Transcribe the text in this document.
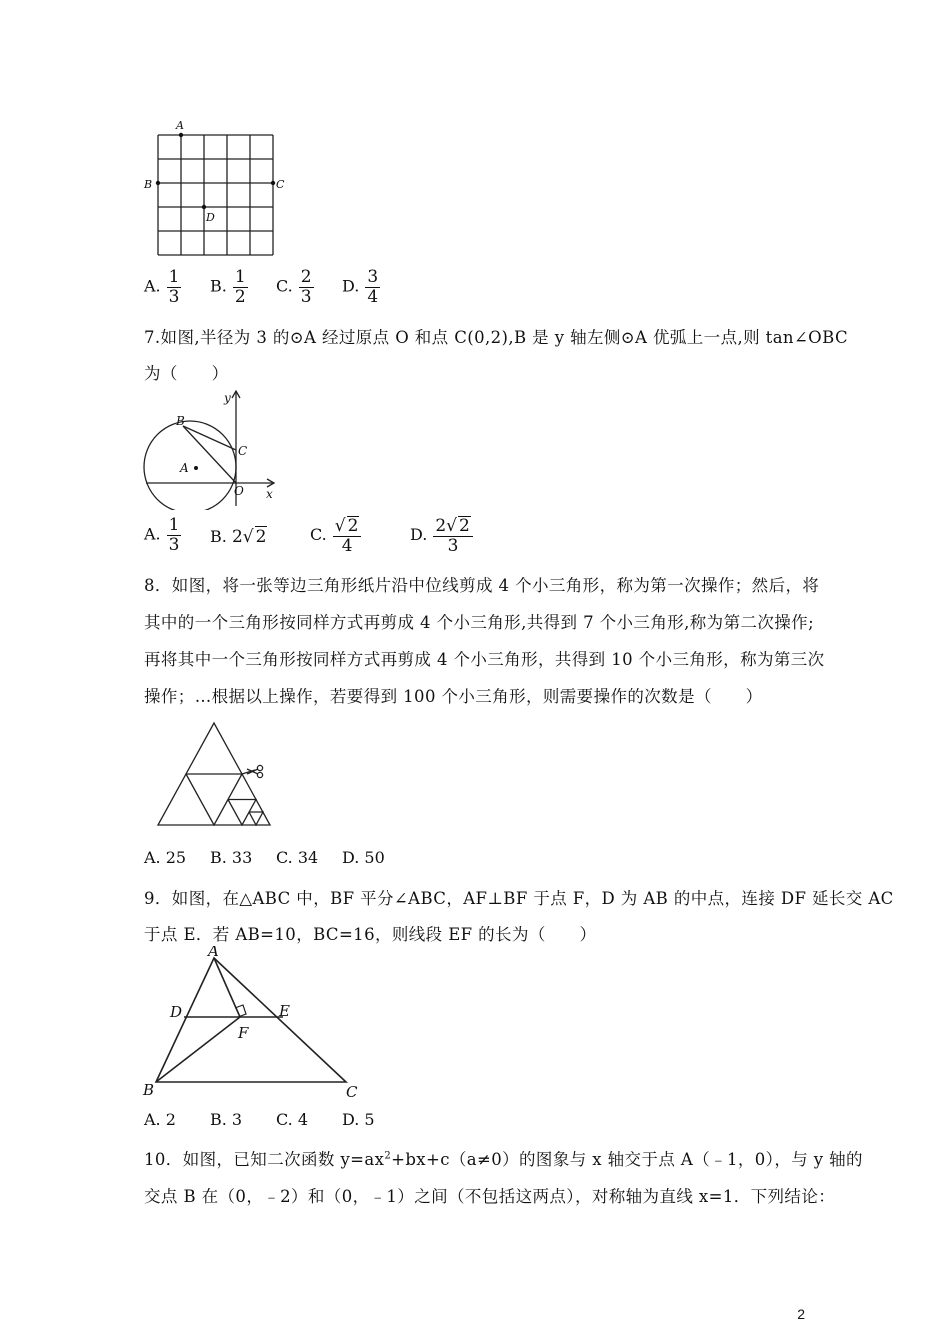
A
B	C
D
A. $\frac{1}{3} B$. $\frac{1}{2} C$. $\frac{2}{3} D$. $\frac{3}{4}$
7.如图,半径为 3 的⊙A 经过原点 O 和点 C(0,2),B 是 y 轴左侧⊙A 优弧上一点,则 tan∠OBC
为（　　）
y
x
B
C
A
O
A. $\frac{1}{3} B$. 2√ 2	C. $\frac{√ 2}{4}$	D. $\frac{2√ 2}{3}$
8．如图，将一张等边三角形纸片沿中位线剪成 4 个小三角形，称为第一次操作；然后，将
其中的一个三角形按同样方式再剪成 4 个小三角形,共得到 7 个小三角形,称为第二次操作;
再将其中一个三角形按同样方式再剪成 4 个小三角形，共得到 10 个小三角形，称为第三次
操作；…根据以上操作，若要得到 100 个小三角形，则需要操作的次数是（　　）
A. 25 B. 33 C. 34 D. 50
9．如图，在△ABC 中，BF 平分∠ABC，AF⊥BF 于点 F，D 为 AB 的中点，连接 DF 延长交 AC
于点 E．若 AB=10，BC=16，则线段 EF 的长为（　　）
A
D	E
F
B	C
A. 2 B. 3 C. 4 D. 5
10．如图，已知二次函数 $y=ax^2+bx+c(a\ne 0)$的图象与 x 轴交于点 A（﹣1，0），与 y 轴的
交点 B 在（0，﹣2）和（0，﹣1）之间（不包括这两点），对称轴为直线 x=1．下列结论：
2
